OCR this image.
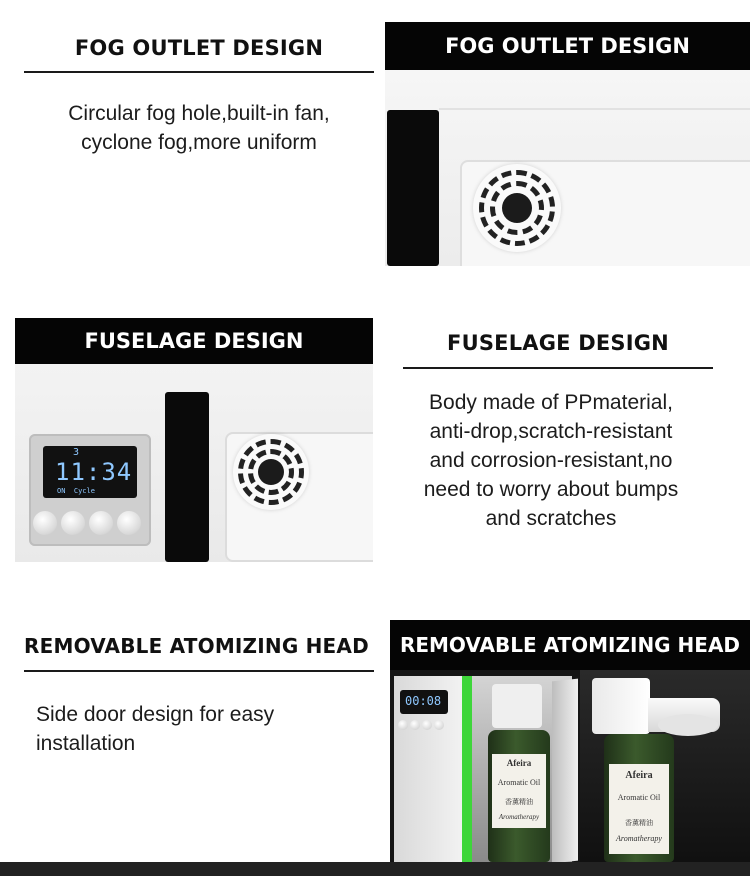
FOG OUTLET DESIGN	FOG OUTLET DESIGN
Circular fog hole,built-in fan,
cyclone fog,more uniform
FUSELAGE DESIGN
3
11:34
ON  Cycle
FUSELAGE DESIGN
Body made of PPmaterial,
anti-drop,scratch-resistant
and corrosion-resistant,no
need to worry about bumps
and scratches
REMOVABLE ATOMIZING HEAD	REMOVABLE ATOMIZING HEAD
Side door design for easy
installation
00:08
Afeira
Aromatic Oil
香薰精油
Aromatherapy
Afeira
Aromatic Oil
香薰精油
Aromatherapy
